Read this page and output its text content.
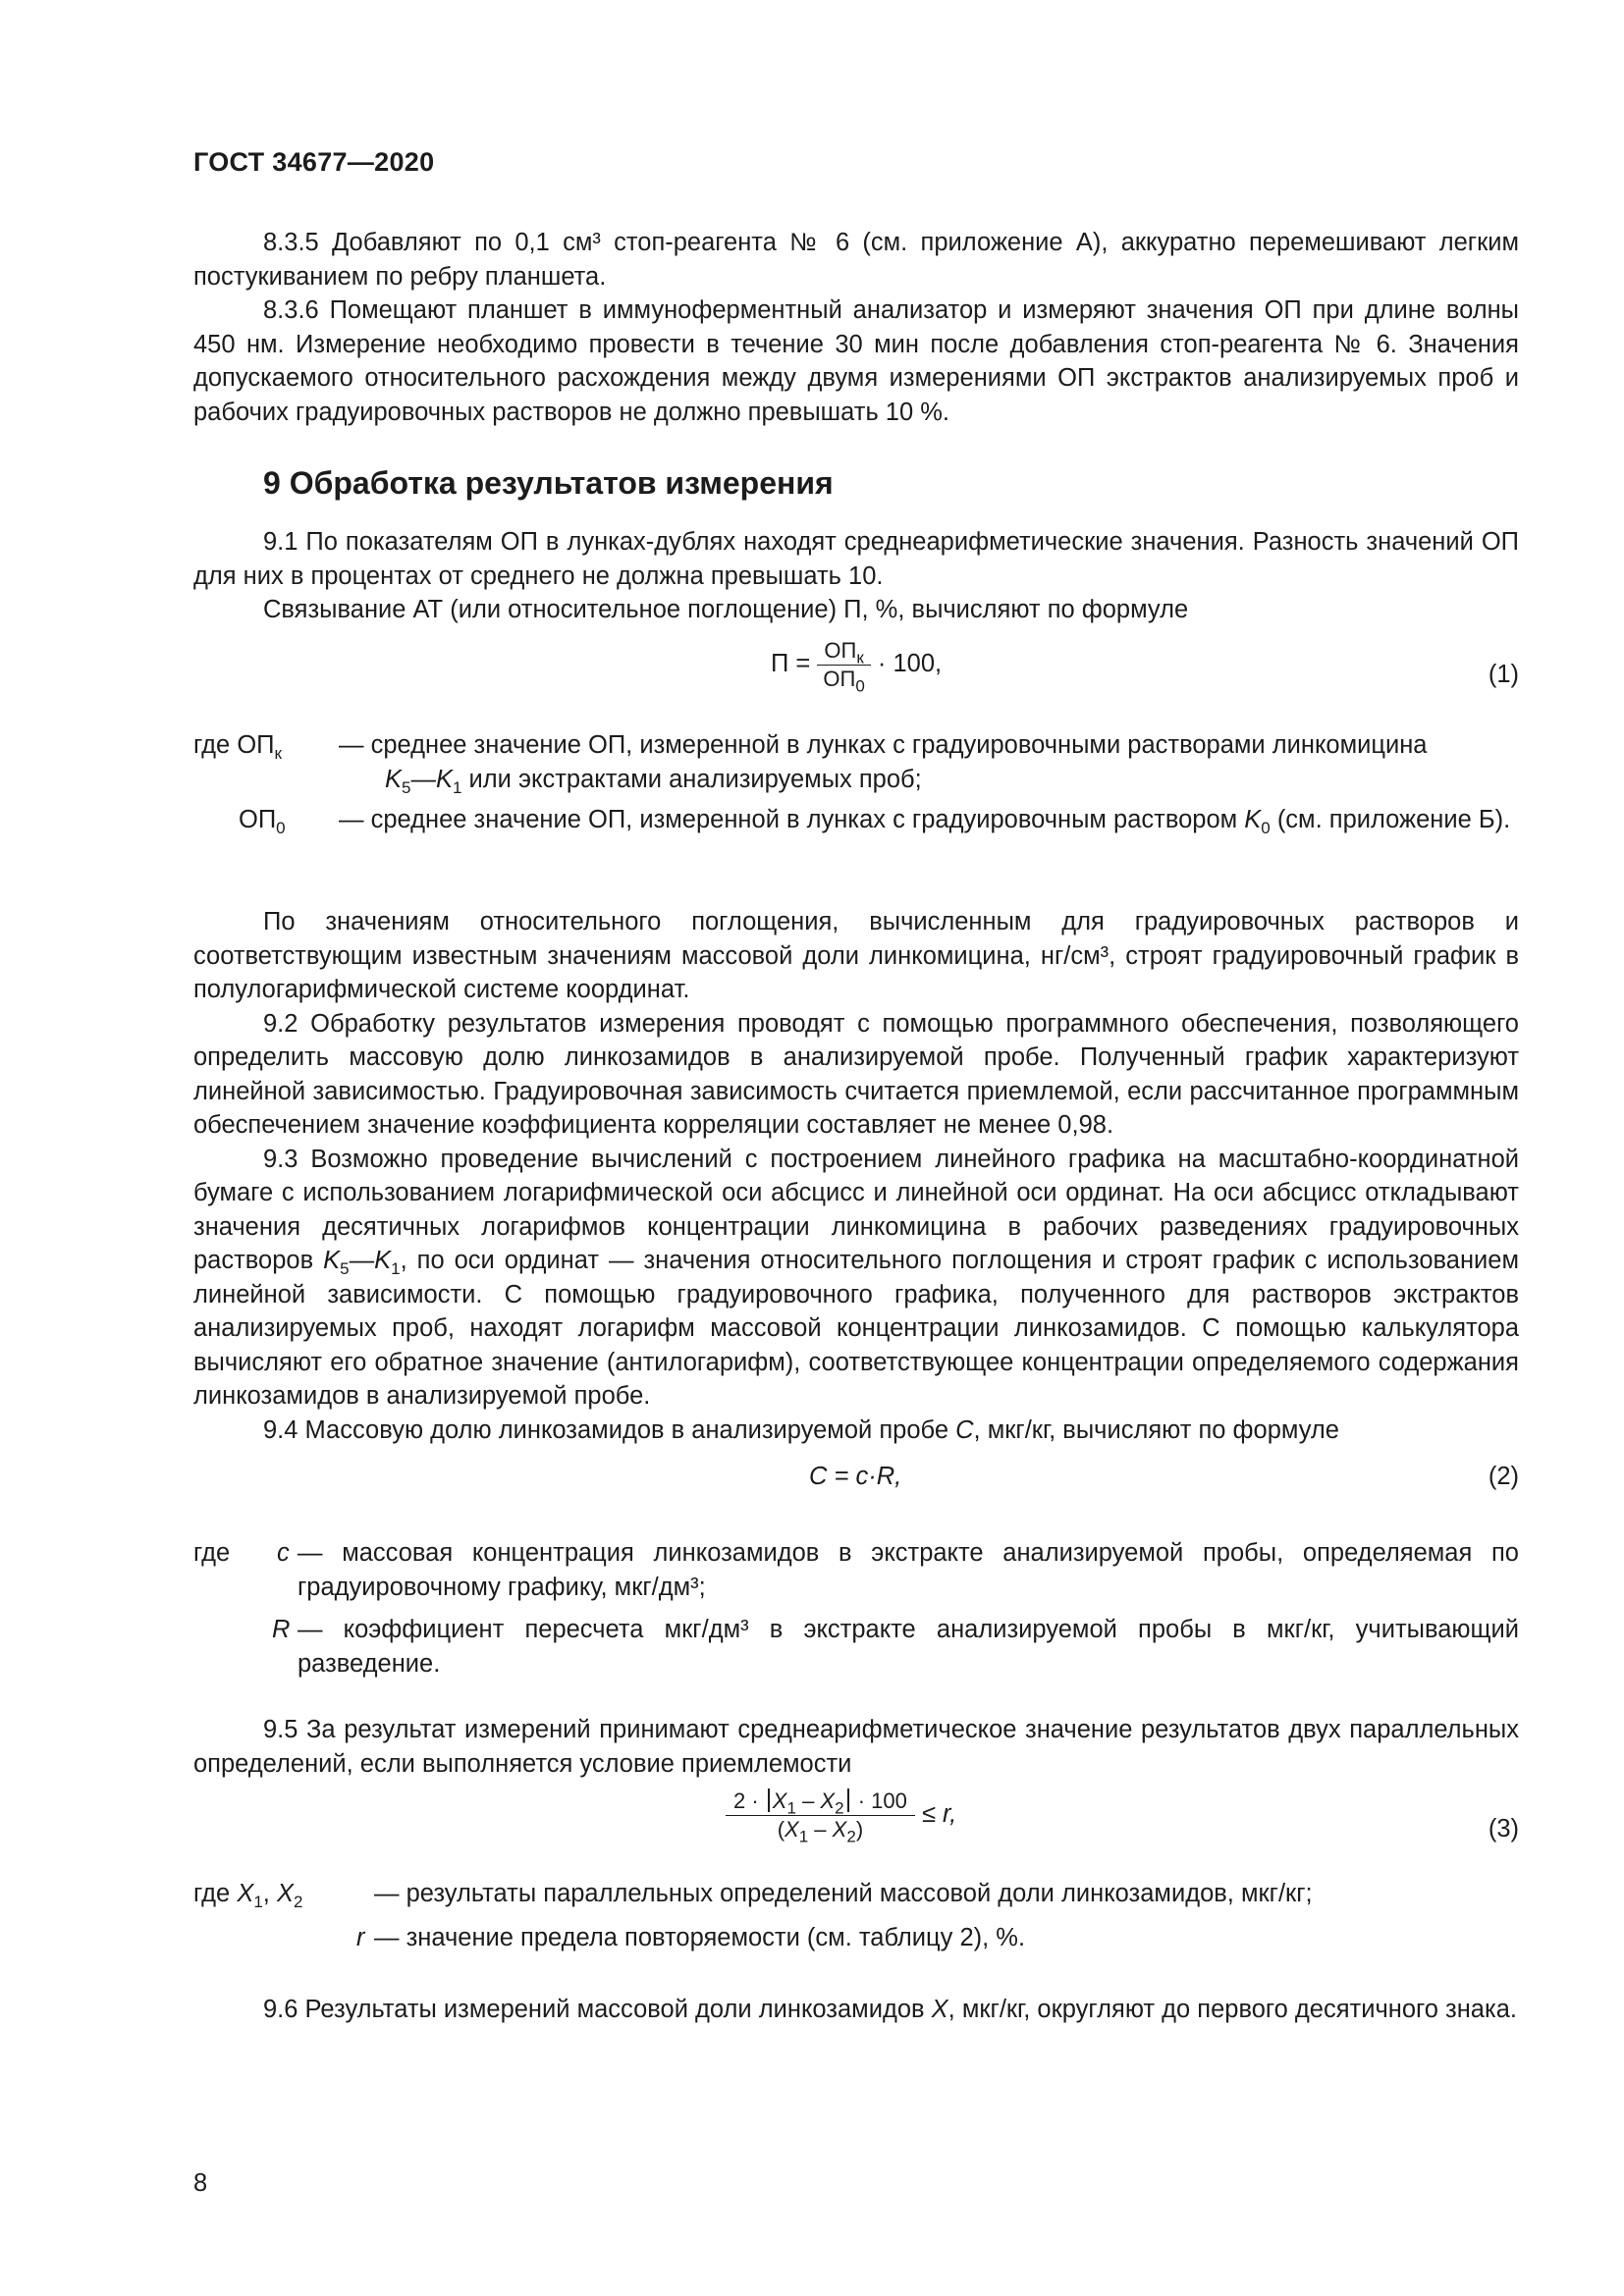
ГОСТ 34677—2020

8.3.5 Добавляют по 0,1 см³ стоп-реагента № 6 (см. приложение А), аккуратно перемешивают легким постукиванием по ребру планшета.

8.3.6 Помещают планшет в иммуноферментный анализатор и измеряют значения ОП при длине волны 450 нм. Измерение необходимо провести в течение 30 мин после добавления стоп-реагента № 6. Значения допускаемого относительного расхождения между двумя измерениями ОП экстрактов анализируемых проб и рабочих градуировочных растворов не должно превышать 10 %.

9 Обработка результатов измерения

9.1 По показателям ОП в лунках-дублях находят среднеарифметические значения. Разность значений ОП для них в процентах от среднего не должна превышать 10.

Связывание АТ (или относительное поглощение) П, %, вычисляют по формуле

$П = \frac{ОП_к}{ОП_0} \cdot 100$,	(1)
где $ОП_к$ — среднее значение ОП, измеренной в лунках с градуировочными растворами линкомицина
$K_5—K_1$ или экстрактами анализируемых проб;
$ОП_0$ — среднее значение ОП, измеренной в лунках с градуировочным раствором $K_0$ (см. приложение Б).

По значениям относительного поглощения, вычисленным для градуировочных растворов и соответствующим известным значениям массовой доли линкомицина, нг/см³, строят градуировочный график в полулогарифмической системе координат.

9.2 Обработку результатов измерения проводят с помощью программного обеспечения, позволяющего определить массовую долю линкозамидов в анализируемой пробе. Полученный график характеризуют линейной зависимостью. Градуировочная зависимость считается приемлемой, если рассчитанное программным обеспечением значение коэффициента корреляции составляет не менее 0,98.

9.3 Возможно проведение вычислений с построением линейного графика на масштабно-координатной бумаге с использованием логарифмической оси абсцисс и линейной оси ординат. На оси абсцисс откладывают значения десятичных логарифмов концентрации линкомицина в рабочих разведениях градуировочных растворов $K_5—K_1$, по оси ординат — значения относительного поглощения и строят график с использованием линейной зависимости. С помощью градуировочного графика, полученного для растворов экстрактов анализируемых проб, находят логарифм массовой концентрации линкозамидов. С помощью калькулятора вычисляют его обратное значение (антилогарифм), соответствующее концентрации определяемого содержания линкозамидов в анализируемой пробе.

9.4 Массовую долю линкозамидов в анализируемой пробе C, мкг/кг, вычисляют по формуле

C = c·R,	(2)
где c — массовая концентрация линкозамидов в экстракте анализируемой пробы, определяемая по градуировочному графику, мкг/дм³;
R — коэффициент пересчета мкг/дм³ в экстракте анализируемой пробы в мкг/кг, учитывающий разведение.

9.5 За результат измерений принимают среднеарифметическое значение результатов двух параллельных определений, если выполняется условие приемлемости

$\frac{2 \cdot X_1 - X_2 \cdot 100}{(X_1 - X_2)} \le r$,
(3)
где $X_1$, $X_2$	— результаты параллельных определений массовой доли линкозамидов, мкг/кг;
r — значение предела повторяемости (см. таблицу 2), %.

9.6 Результаты измерений массовой доли линкозамидов X, мкг/кг, округляют до первого десятичного знака.

8
